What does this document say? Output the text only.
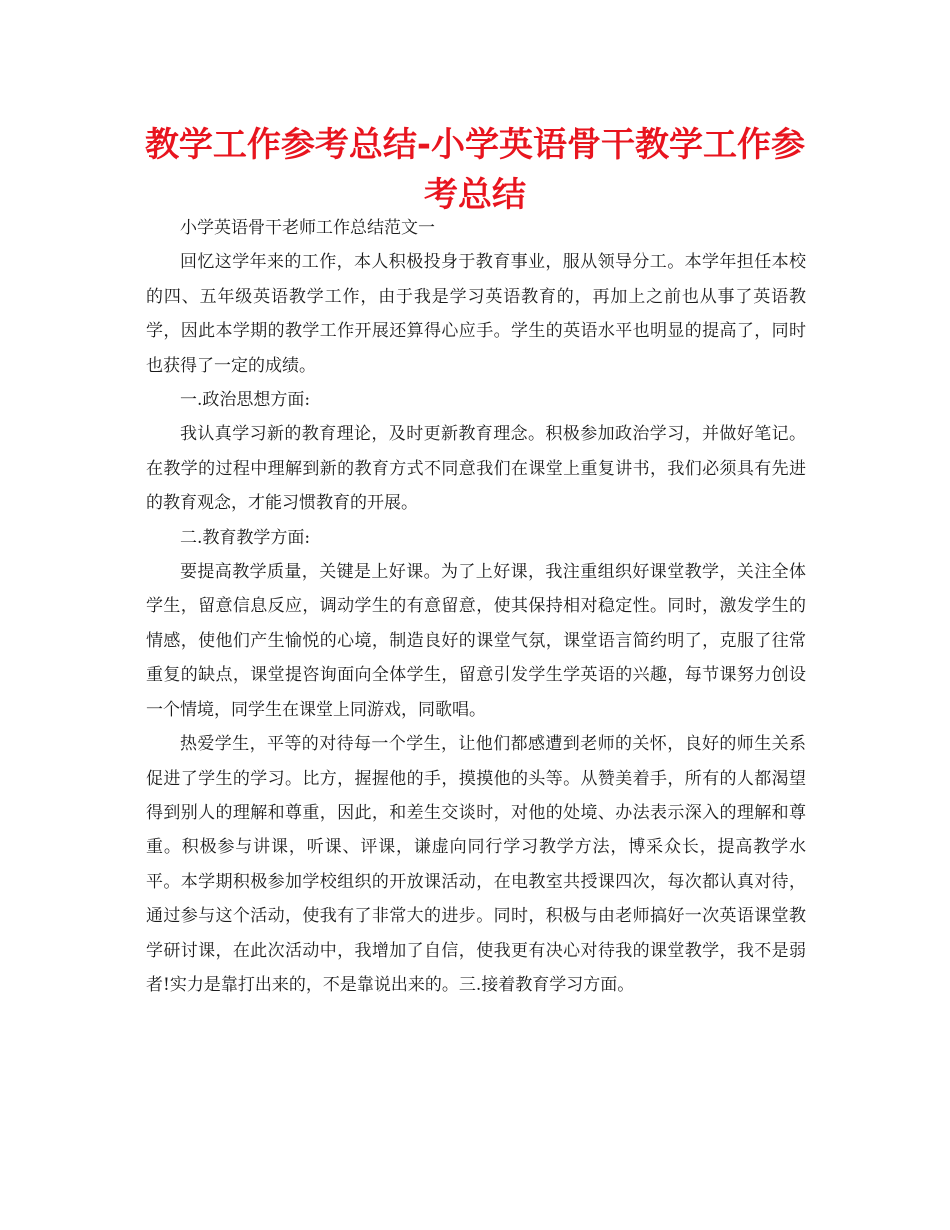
教学工作参考总结-小学英语骨干教学工作参考总结

小学英语骨干老师工作总结范文一

回忆这学年来的工作，本人积极投身于教育事业，服从领导分工。本学年担任本校的四、五年级英语教学工作，由于我是学习英语教育的，再加上之前也从事了英语教学，因此本学期的教学工作开展还算得心应手。学生的英语水平也明显的提高了，同时也获得了一定的成绩。

一.政治思想方面:

我认真学习新的教育理论，及时更新教育理念。积极参加政治学习，并做好笔记。在教学的过程中理解到新的教育方式不同意我们在课堂上重复讲书，我们必须具有先进的教育观念，才能习惯教育的开展。

二.教育教学方面:

要提高教学质量，关键是上好课。为了上好课，我注重组织好课堂教学，关注全体学生，留意信息反应，调动学生的有意留意，使其保持相对稳定性。同时，激发学生的情感，使他们产生愉悦的心境，制造良好的课堂气氛，课堂语言简约明了，克服了往常重复的缺点，课堂提咨询面向全体学生，留意引发学生学英语的兴趣，每节课努力创设一个情境，同学生在课堂上同游戏，同歌唱。

热爱学生，平等的对待每一个学生，让他们都感遭到老师的关怀，良好的师生关系促进了学生的学习。比方，握握他的手，摸摸他的头等。从赞美着手，所有的人都渴望得到别人的理解和尊重，因此，和差生交谈时，对他的处境、办法表示深入的理解和尊重。积极参与讲课，听课、评课，谦虚向同行学习教学方法，博采众长，提高教学水平。本学期积极参加学校组织的开放课活动，在电教室共授课四次，每次都认真对待，通过参与这个活动，使我有了非常大的进步。同时，积极与由老师搞好一次英语课堂教学研讨课，在此次活动中，我增加了自信，使我更有决心对待我的课堂教学，我不是弱者!实力是靠打出来的，不是靠说出来的。三.接着教育学习方面。
